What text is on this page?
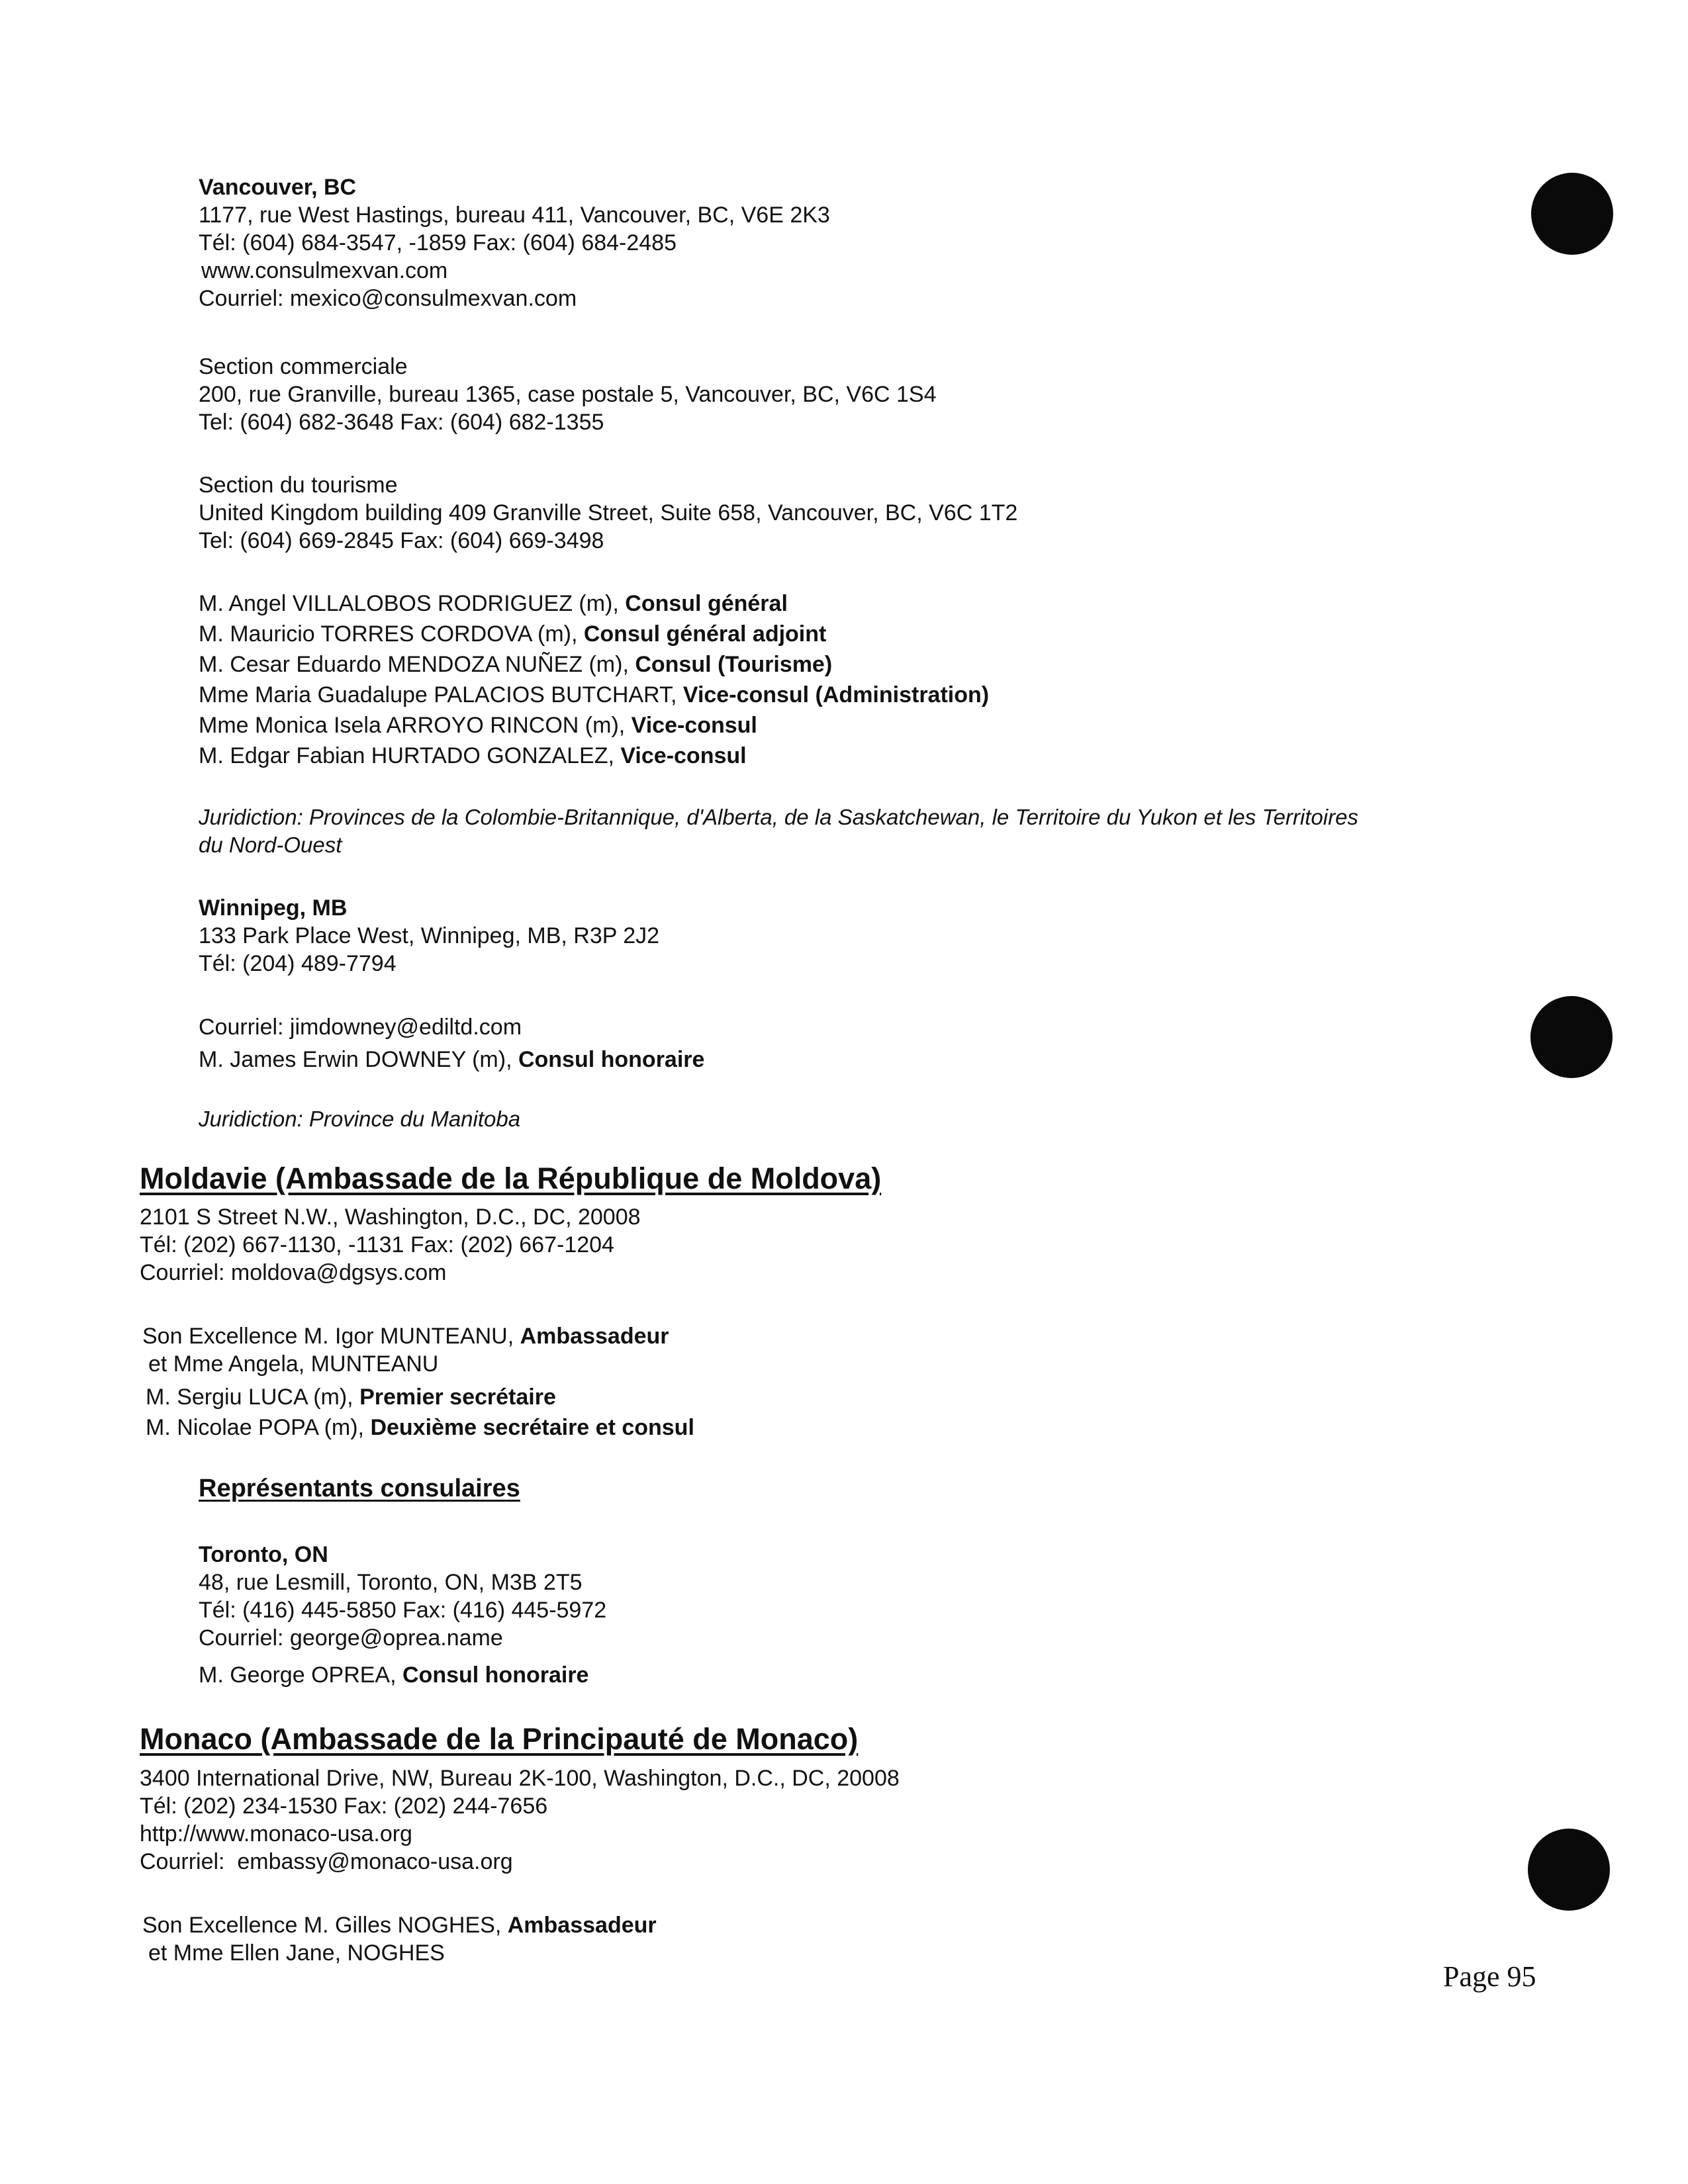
Vancouver, BC
1177, rue West Hastings, bureau 411, Vancouver, BC, V6E 2K3
Tél: (604) 684-3547, -1859 Fax: (604) 684-2485
www.consulmexvan.com
Courriel: mexico@consulmexvan.com
Section commerciale
200, rue Granville, bureau 1365, case postale 5, Vancouver, BC, V6C 1S4
Tel: (604) 682-3648 Fax: (604) 682-1355
Section du tourisme
United Kingdom building 409 Granville Street, Suite 658, Vancouver, BC, V6C 1T2
Tel: (604) 669-2845 Fax: (604) 669-3498
M. Angel VILLALOBOS RODRIGUEZ (m), Consul général
M. Mauricio TORRES CORDOVA (m), Consul général adjoint
M. Cesar Eduardo MENDOZA NUÑEZ (m), Consul (Tourisme)
Mme Maria Guadalupe PALACIOS BUTCHART, Vice-consul (Administration)
Mme Monica Isela ARROYO RINCON (m), Vice-consul
M. Edgar Fabian HURTADO GONZALEZ, Vice-consul
Juridiction: Provinces de la Colombie-Britannique, d'Alberta, de la Saskatchewan, le Territoire du Yukon et les Territoires
du Nord-Ouest
Winnipeg, MB
133 Park Place West, Winnipeg, MB, R3P 2J2
Tél: (204) 489-7794
Courriel: jimdowney@ediltd.com
M. James Erwin DOWNEY (m), Consul honoraire
Juridiction: Province du Manitoba
Moldavie (Ambassade de la République de Moldova)
2101 S Street N.W., Washington, D.C., DC, 20008
Tél: (202) 667-1130, -1131 Fax: (202) 667-1204
Courriel: moldova@dgsys.com
Son Excellence M. Igor MUNTEANU, Ambassadeur
et Mme Angela, MUNTEANU
M. Sergiu LUCA (m), Premier secrétaire
M. Nicolae POPA (m), Deuxième secrétaire et consul
Représentants consulaires
Toronto, ON
48, rue Lesmill, Toronto, ON, M3B 2T5
Tél: (416) 445-5850 Fax: (416) 445-5972
Courriel: george@oprea.name
M. George OPREA, Consul honoraire
Monaco (Ambassade de la Principauté de Monaco)
3400 International Drive, NW, Bureau 2K-100, Washington, D.C., DC, 20008
Tél: (202) 234-1530 Fax: (202) 244-7656
http://www.monaco-usa.org
Courriel:  embassy@monaco-usa.org
Son Excellence M. Gilles NOGHES, Ambassadeur
et Mme Ellen Jane, NOGHES
Page 95
